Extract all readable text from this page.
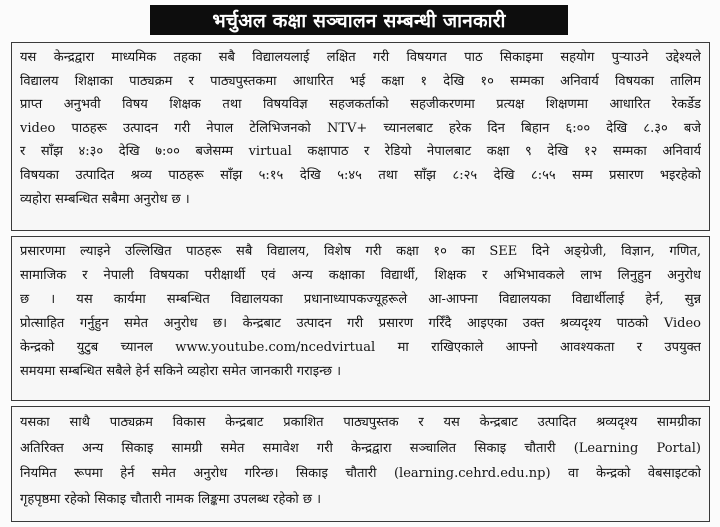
भर्चुअल कक्षा सञ्चालन सम्बन्धी जानकारी
यस केन्द्रद्वारा माध्यमिक तहका सबै विद्यालयलाई लक्षित गरी विषयगत पाठ सिकाइमा सहयोग पुऱ्याउने उद्देश्यले
विद्यालय शिक्षाका पाठ्यक्रम र पाठ्यपुस्तकमा आधारित भई कक्षा १ देखि १० सम्मका अनिवार्य विषयका तालिम
प्राप्त अनुभवी विषय शिक्षक तथा विषयविज्ञ सहजकर्ताको सहजीकरणमा प्रत्यक्ष शिक्षणमा आधारित रेकर्डेड
video पाठहरू उत्पादन गरी नेपाल टेलिभिजनको NTV+ च्यानलबाट हरेक दिन बिहान ६:०० देखि ८.३० बजे
र साँझ ४:३० देखि ७:०० बजेसम्म virtual कक्षापाठ र रेडियो नेपालबाट कक्षा ९ देखि १२ सम्मका अनिवार्य
विषयका उत्पादित श्रव्य पाठहरू साँझ ५:१५ देखि ५:४५ तथा साँझ ८:२५ देखि ८:५५ सम्म प्रसारण भइरहेको
व्यहोरा सम्बन्धित सबैमा अनुरोध छ ।
प्रसारणमा ल्याइने उल्लिखित पाठहरू सबै विद्यालय, विशेष गरी कक्षा १० का SEE दिने अङ्ग्रेजी, विज्ञान, गणित,
सामाजिक र नेपाली विषयका परीक्षार्थी एवं अन्य कक्षाका विद्यार्थी, शिक्षक र अभिभावकले लाभ लिनुहुन अनुरोध
छ । यस कार्यमा सम्बन्धित विद्यालयका प्रधानाध्यापकज्यूहरूले आ-आफ्ना विद्यालयका विद्यार्थीलाई हेर्न, सुन्न
प्रोत्साहित गर्नुहुन समेत अनुरोध छ। केन्द्रबाट उत्पादन गरी प्रसारण गरिँदै आइएका उक्त श्रव्यदृश्य पाठको Video
केन्द्रको युटुब च्यानल www.youtube.com/ncedvirtual मा राखिएकाले आफ्नो आवश्यकता र उपयुक्त
समयमा सम्बन्धित सबैले हेर्न सकिने व्यहोरा समेत जानकारी गराइन्छ ।
यसका साथै पाठ्यक्रम विकास केन्द्रबाट प्रकाशित पाठ्यपुस्तक र यस केन्द्रबाट उत्पादित श्रव्यदृश्य सामग्रीका
अतिरिक्त अन्य सिकाइ सामग्री समेत समावेश गरी केन्द्रद्वारा सञ्चालित सिकाइ चौतारी (Learning Portal)
नियमित रूपमा हेर्न समेत अनुरोध गरिन्छ। सिकाइ चौतारी (learning.cehrd.edu.np) वा केन्द्रको वेबसाइटको
गृहपृष्ठमा रहेको सिकाइ चौतारी नामक लिङ्कमा उपलब्ध रहेको छ ।
